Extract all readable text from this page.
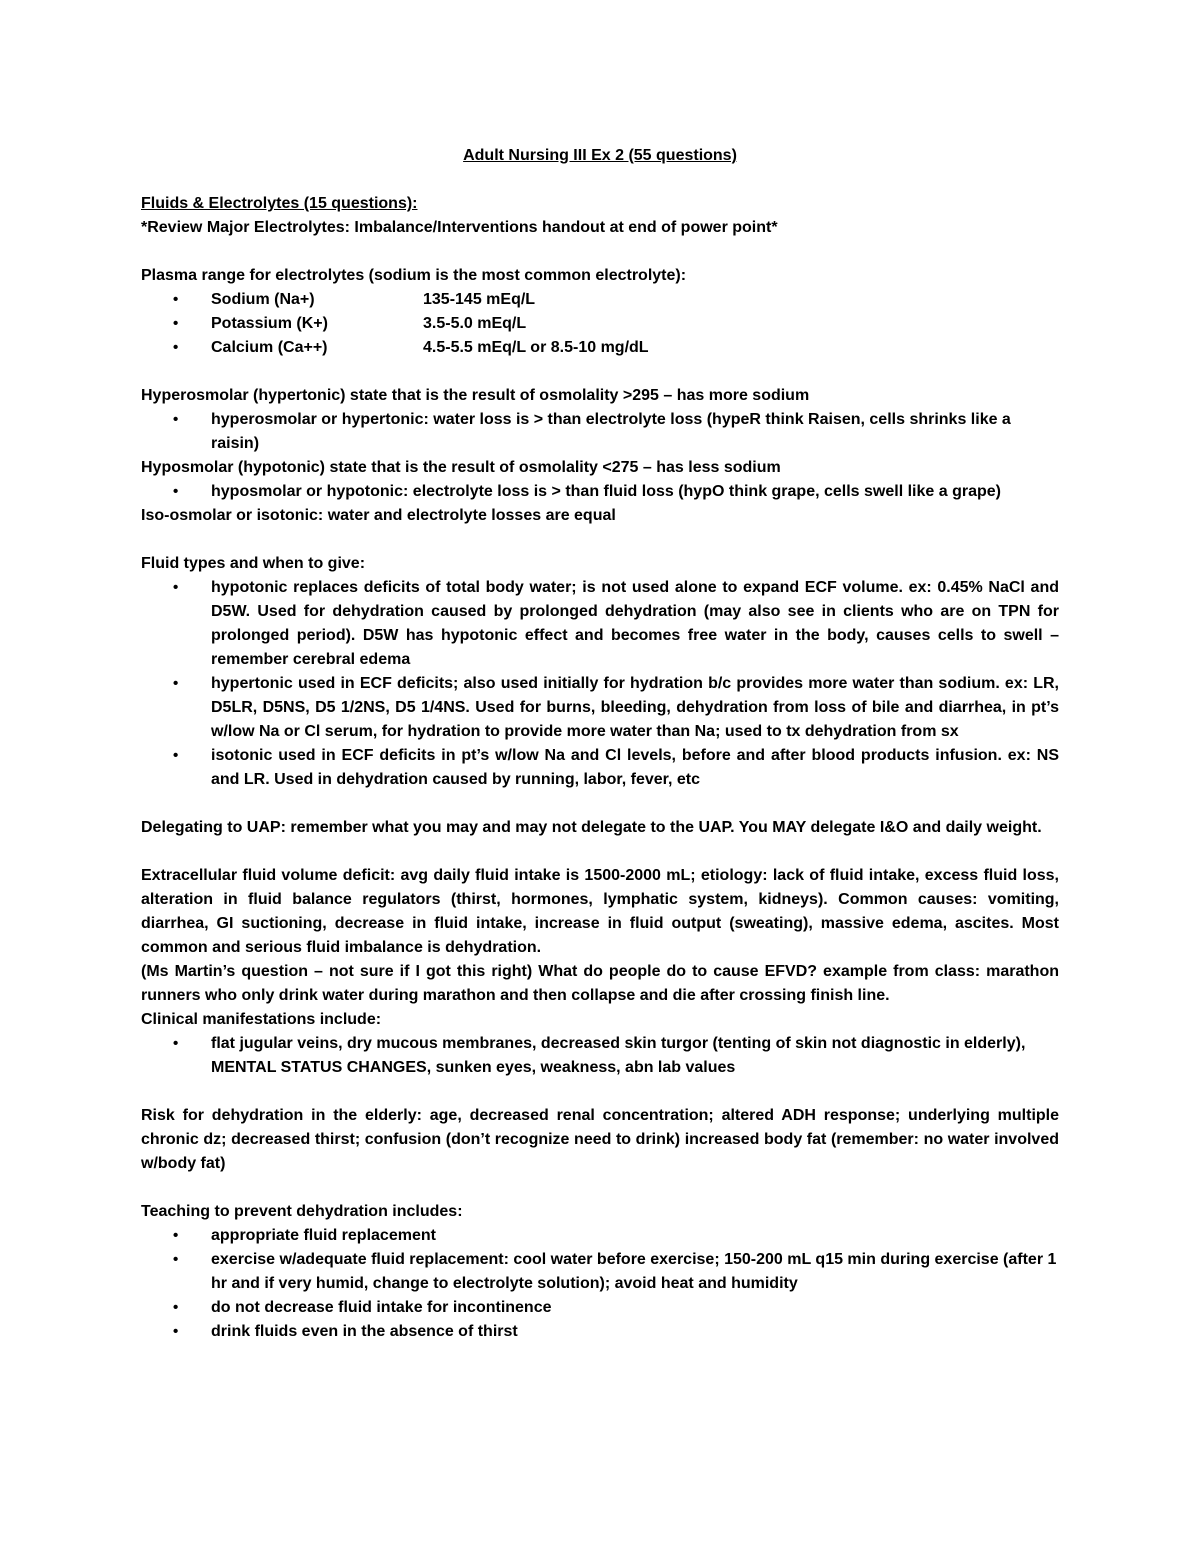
Adult Nursing III Ex 2 (55 questions)

Fluids & Electrolytes (15 questions):

*Review Major Electrolytes: Imbalance/Interventions handout at end of power point*

Plasma range for electrolytes (sodium is the most common electrolyte):

• Sodium (Na+)	135-145 mEq/L
• Potassium (K+)	3.5-5.0 mEq/L
• Calcium (Ca++)	4.5-5.5 mEq/L or 8.5-10 mg/dL

Hyperosmolar (hypertonic) state that is the result of osmolality >295 – has more sodium

• hyperosmolar or hypertonic: water loss is > than electrolyte loss (hypeR think Raisen, cells shrinks like a raisin)

Hyposmolar (hypotonic) state that is the result of osmolality <275 – has less sodium

• hyposmolar or hypotonic: electrolyte loss is > than fluid loss (hypO think grape, cells swell like a grape)

Iso-osmolar or isotonic: water and electrolyte losses are equal

Fluid types and when to give:

• hypotonic replaces deficits of total body water; is not used alone to expand ECF volume. ex: 0.45% NaCl and D5W. Used for dehydration caused by prolonged dehydration (may also see in clients who are on TPN for prolonged period). D5W has hypotonic effect and becomes free water in the body, causes cells to swell – remember cerebral edema
• hypertonic used in ECF deficits; also used initially for hydration b/c provides more water than sodium. ex: LR, D5LR, D5NS, D5 1/2NS, D5 1/4NS. Used for burns, bleeding, dehydration from loss of bile and diarrhea, in pt’s w/low Na or Cl serum, for hydration to provide more water than Na; used to tx dehydration from sx
• isotonic used in ECF deficits in pt’s w/low Na and Cl levels, before and after blood products infusion. ex: NS and LR. Used in dehydration caused by running, labor, fever, etc

Delegating to UAP: remember what you may and may not delegate to the UAP. You MAY delegate I&O and daily weight.

Extracellular fluid volume deficit: avg daily fluid intake is 1500-2000 mL; etiology: lack of fluid intake, excess fluid loss, alteration in fluid balance regulators (thirst, hormones, lymphatic system, kidneys). Common causes: vomiting, diarrhea, GI suctioning, decrease in fluid intake, increase in fluid output (sweating), massive edema, ascites. Most common and serious fluid imbalance is dehydration.

(Ms Martin’s question – not sure if I got this right) What do people do to cause EFVD? example from class: marathon runners who only drink water during marathon and then collapse and die after crossing finish line.

Clinical manifestations include:

• flat jugular veins, dry mucous membranes, decreased skin turgor (tenting of skin not diagnostic in elderly), MENTAL STATUS CHANGES, sunken eyes, weakness, abn lab values

Risk for dehydration in the elderly: age, decreased renal concentration; altered ADH response; underlying multiple chronic dz; decreased thirst; confusion (don’t recognize need to drink) increased body fat (remember: no water involved w/body fat)

Teaching to prevent dehydration includes:

• appropriate fluid replacement
• exercise w/adequate fluid replacement: cool water before exercise; 150-200 mL q15 min during exercise (after 1 hr and if very humid, change to electrolyte solution); avoid heat and humidity
• do not decrease fluid intake for incontinence
• drink fluids even in the absence of thirst
